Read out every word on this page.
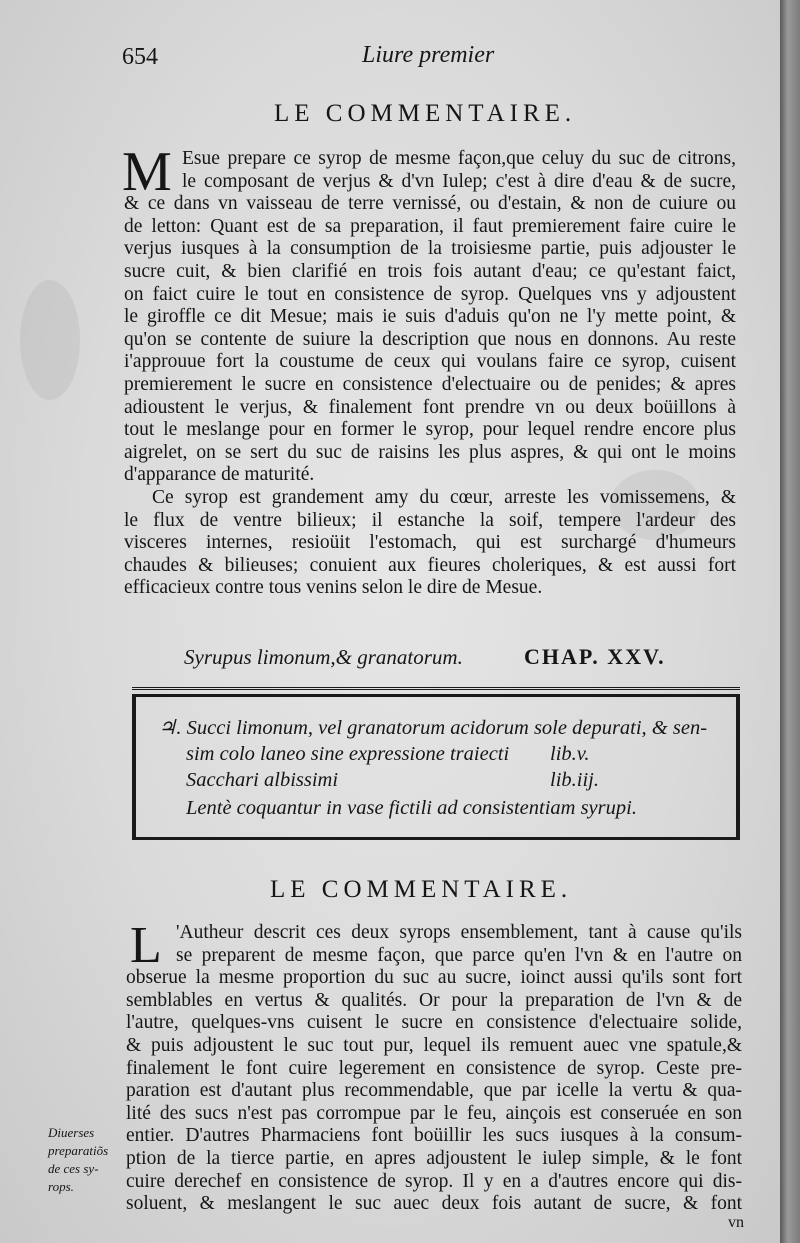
654	Liure premier
LE COMMENTAIRE.
M Esue prepare ce syrop de mesme façon,que celuy du suc de citrons,
le composant de verjus & d'vn Iulep; c'est à dire d'eau & de sucre,
& ce dans vn vaisseau de terre vernissé, ou d'estain, & non de cuiure ou
de letton: Quant est de sa preparation, il faut premierement faire cuire le
verjus iusques à la consumption de la troisiesme partie, puis adjouster le
sucre cuit, & bien clarifié en trois fois autant d'eau; ce qu'estant faict,
on faict cuire le tout en consistence de syrop. Quelques vns y adjoustent
le giroffle ce dit Mesue; mais ie suis d'aduis qu'on ne l'y mette point, &
qu'on se contente de suiure la description que nous en donnons. Au reste
i'approuue fort la coustume de ceux qui voulans faire ce syrop, cuisent
premierement le sucre en consistence d'electuaire ou de penides; & apres
adioustent le verjus, & finalement font prendre vn ou deux boüillons à
tout le meslange pour en former le syrop, pour lequel rendre encore plus
aigrelet, on se sert du suc de raisins les plus aspres, & qui ont le moins
d'apparance de maturité.
Ce syrop est grandement amy du cœur, arreste les vomissemens, &
le flux de ventre bilieux; il estanche la soif, tempere l'ardeur des
visceres internes, resioüit l'estomach, qui est surchargé d'humeurs
chaudes & bilieuses; conuient aux fieures choleriques, & est aussi fort
efficacieux contre tous venins selon le dire de Mesue.
Syrupus limonum,& granatorum.	CHAP. XXV.
♃. Succi limonum, vel granatorum acidorum sole depurati, & sen-
sim colo laneo sine expressione traiecti
Sacchari albissimi
Lentè coquantur in vase fictili ad consistentiam syrupi.
lib.v.
lib.iij.
LE COMMENTAIRE.
L 'Autheur descrit ces deux syrops ensemblement, tant à cause qu'ils
se preparent de mesme façon, que parce qu'en l'vn & en l'autre on
obserue la mesme proportion du suc au sucre, ioinct aussi qu'ils sont fort
semblables en vertus & qualités. Or pour la preparation de l'vn & de
l'autre, quelques-vns cuisent le sucre en consistence d'electuaire solide,
& puis adjoustent le suc tout pur, lequel ils remuent auec vne spatule,&
finalement le font cuire legerement en consistence de syrop. Ceste pre-
paration est d'autant plus recommendable, que par icelle la vertu & qua-
lité des sucs n'est pas corrompue par le feu, ainçois est conseruée en son
entier. D'autres Pharmaciens font boüillir les sucs iusques à la consum-
ption de la tierce partie, en apres adjoustent le iulep simple, & le font
cuire derechef en consistence de syrop. Il y en a d'autres encore qui dis-
soluent, & meslangent le suc auec deux fois autant de sucre, & font
Diuerses
preparatiõs
de ces sy-
rops.
vn
